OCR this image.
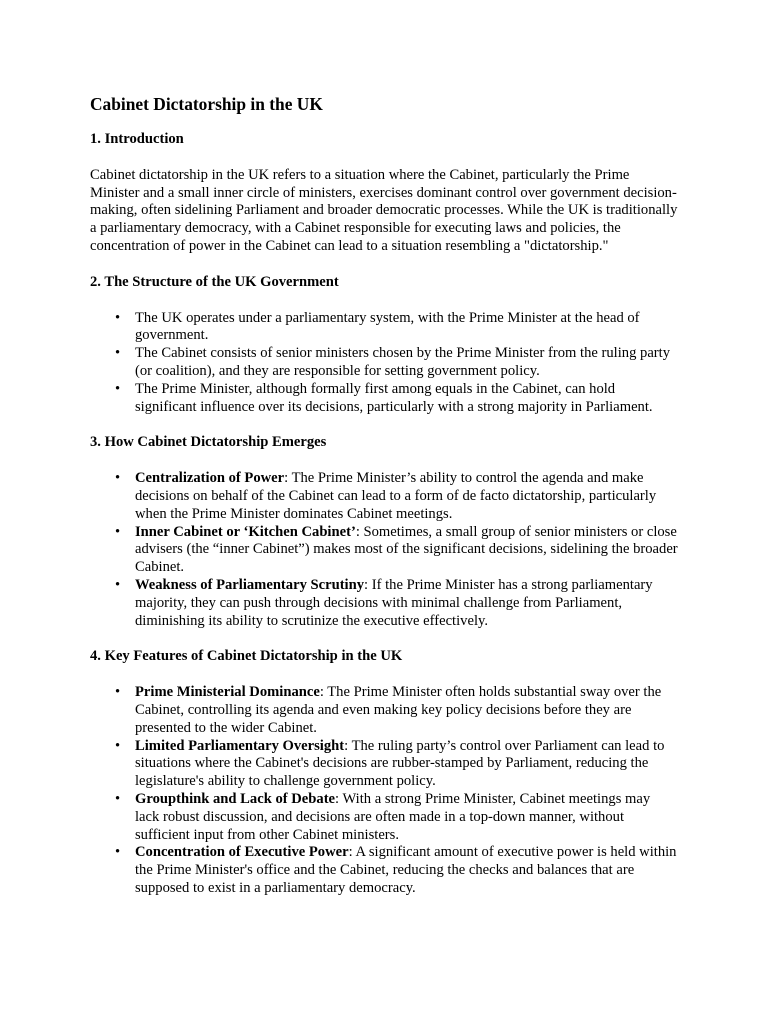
Cabinet Dictatorship in the UK
1. Introduction

Cabinet dictatorship in the UK refers to a situation where the Cabinet, particularly the Prime Minister and a small inner circle of ministers, exercises dominant control over government decision-making, often sidelining Parliament and broader democratic processes. While the UK is traditionally a parliamentary democracy, with a Cabinet responsible for executing laws and policies, the concentration of power in the Cabinet can lead to a situation resembling a "dictatorship."

2. The Structure of the UK Government
• The UK operates under a parliamentary system, with the Prime Minister at the head of government.
• The Cabinet consists of senior ministers chosen by the Prime Minister from the ruling party (or coalition), and they are responsible for setting government policy.
• The Prime Minister, although formally first among equals in the Cabinet, can hold significant influence over its decisions, particularly with a strong majority in Parliament.
3. How Cabinet Dictatorship Emerges
• Centralization of Power: The Prime Minister’s ability to control the agenda and make decisions on behalf of the Cabinet can lead to a form of de facto dictatorship, particularly when the Prime Minister dominates Cabinet meetings.
• Inner Cabinet or ‘Kitchen Cabinet’: Sometimes, a small group of senior ministers or close advisers (the “inner Cabinet”) makes most of the significant decisions, sidelining the broader Cabinet.
• Weakness of Parliamentary Scrutiny: If the Prime Minister has a strong parliamentary majority, they can push through decisions with minimal challenge from Parliament, diminishing its ability to scrutinize the executive effectively.
4. Key Features of Cabinet Dictatorship in the UK
• Prime Ministerial Dominance: The Prime Minister often holds substantial sway over the Cabinet, controlling its agenda and even making key policy decisions before they are presented to the wider Cabinet.
• Limited Parliamentary Oversight: The ruling party’s control over Parliament can lead to situations where the Cabinet's decisions are rubber-stamped by Parliament, reducing the legislature's ability to challenge government policy.
• Groupthink and Lack of Debate: With a strong Prime Minister, Cabinet meetings may lack robust discussion, and decisions are often made in a top-down manner, without sufficient input from other Cabinet ministers.
• Concentration of Executive Power: A significant amount of executive power is held within the Prime Minister's office and the Cabinet, reducing the checks and balances that are supposed to exist in a parliamentary democracy.
